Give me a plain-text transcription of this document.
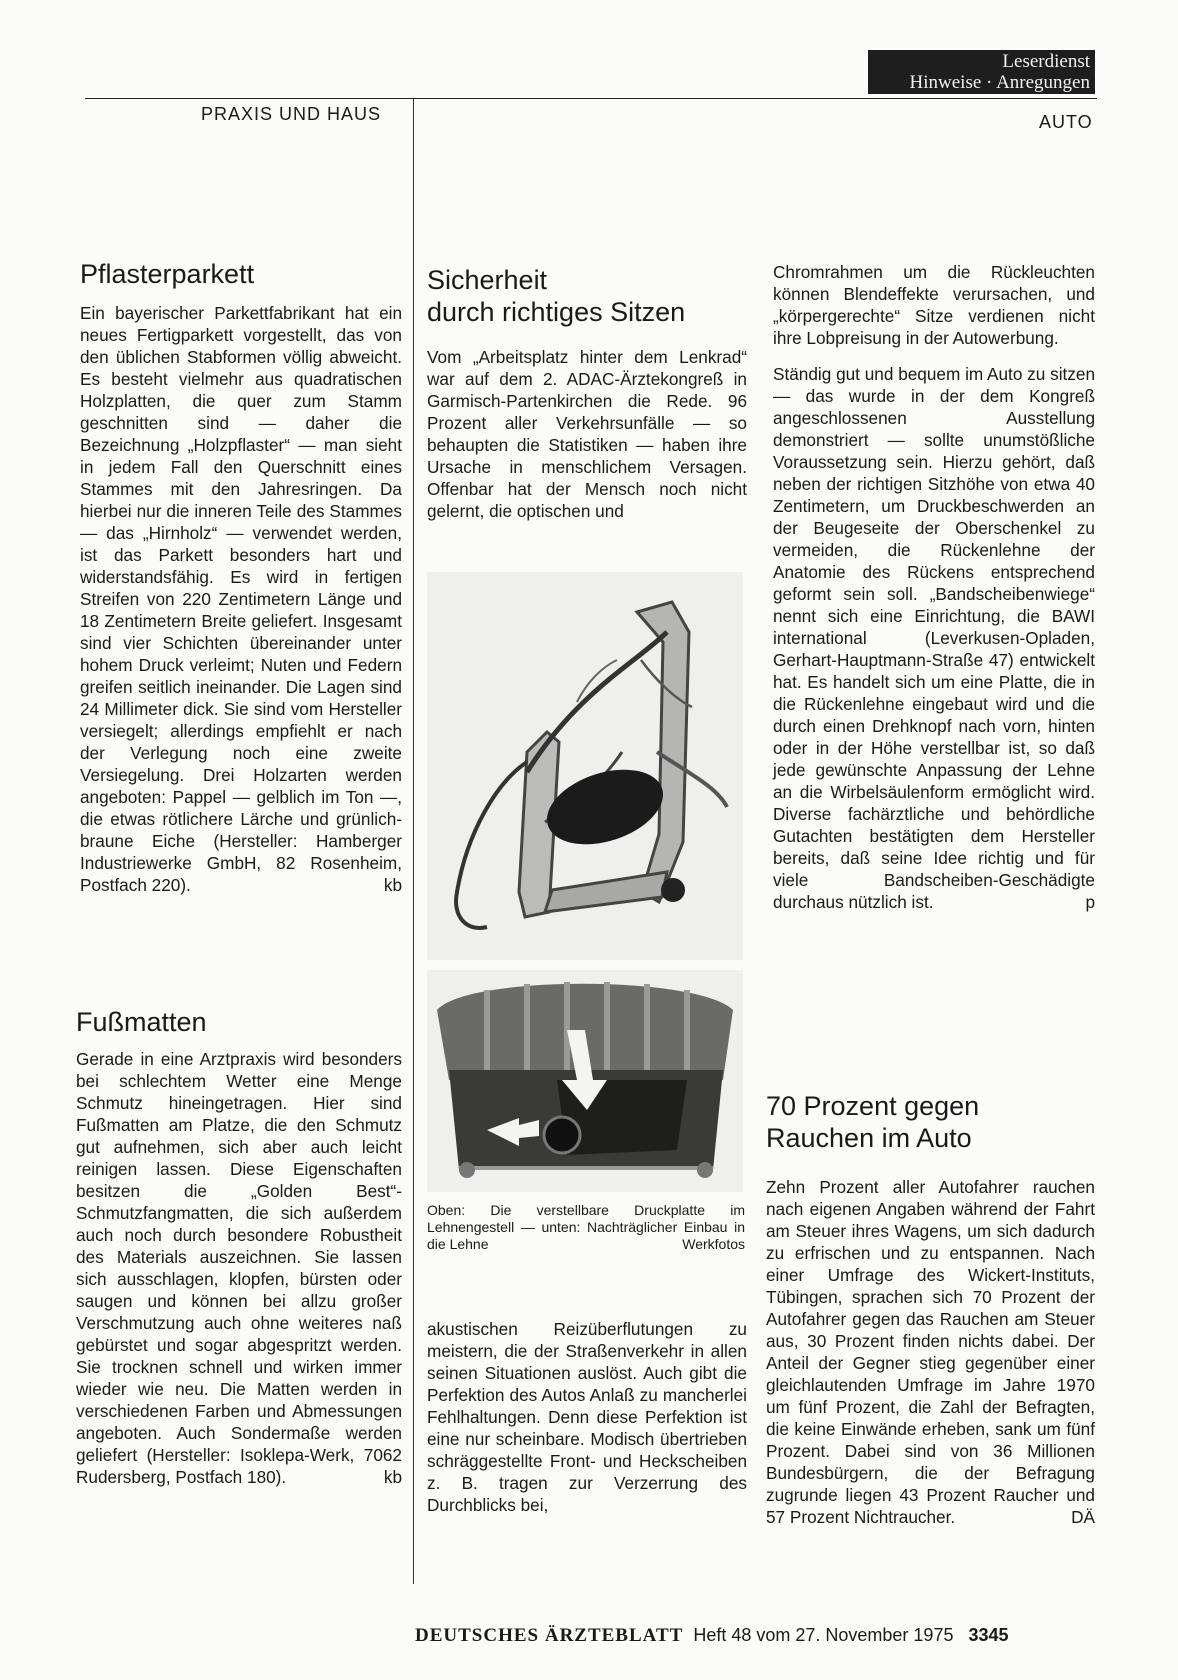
Leserdienst
Hinweise · Anregungen
PRAXIS UND HAUS	AUTO
Pflasterparkett

Ein bayerischer Parkettfabrikant hat ein neues Fertigparkett vorgestellt, das von den üblichen Stabformen völlig abweicht. Es besteht vielmehr aus quadratischen Holzplatten, die quer zum Stamm geschnitten sind — daher die Bezeichnung „Holzpflaster“ — man sieht in jedem Fall den Querschnitt eines Stammes mit den Jahresringen. Da hierbei nur die inneren Teile des Stammes — das „Hirnholz“ — verwendet werden, ist das Parkett besonders hart und widerstandsfähig. Es wird in fertigen Streifen von 220 Zentimetern Länge und 18 Zentimetern Breite geliefert. Insgesamt sind vier Schichten übereinander unter hohem Druck verleimt; Nuten und Federn greifen seitlich ineinander. Die Lagen sind 24 Millimeter dick. Sie sind vom Hersteller versiegelt; allerdings empfiehlt er nach der Verlegung noch eine zweite Versiegelung. Drei Holzarten werden angeboten: Pappel — gelblich im Ton —, die etwas rötlichere Lärche und grünlich-braune Eiche (Hersteller: Hamberger Industriewerke GmbH, 82 Rosenheim, Postfach 220).	kb

Fußmatten

Gerade in eine Arztpraxis wird besonders bei schlechtem Wetter eine Menge Schmutz hineingetragen. Hier sind Fußmatten am Platze, die den Schmutz gut aufnehmen, sich aber auch leicht reinigen lassen. Diese Eigenschaften besitzen die „Golden Best“-Schmutzfangmatten, die sich außerdem auch noch durch besondere Robustheit des Materials auszeichnen. Sie lassen sich ausschlagen, klopfen, bürsten oder saugen und können bei allzu großer Verschmutzung auch ohne weiteres naß gebürstet und sogar abgespritzt werden. Sie trocknen schnell und wirken immer wieder wie neu. Die Matten werden in verschiedenen Farben und Abmessungen angeboten. Auch Sondermaße werden geliefert (Hersteller: Isoklepa-Werk, 7062 Rudersberg, Postfach 180).	kb

Sicherheit
durch richtiges Sitzen

Vom „Arbeitsplatz hinter dem Lenkrad“ war auf dem 2. ADAC-Ärztekongreß in Garmisch-Partenkirchen die Rede. 96 Prozent aller Verkehrsunfälle — so behaupten die Statistiken — haben ihre Ursache in menschlichem Versagen. Offenbar hat der Mensch noch nicht gelernt, die optischen und

Oben: Die verstellbare Druckplatte im Lehnengestell — unten: Nachträglicher Einbau in die Lehne	Werkfotos

akustischen Reizüberflutungen zu meistern, die der Straßenverkehr in allen seinen Situationen auslöst. Auch gibt die Perfektion des Autos Anlaß zu mancherlei Fehlhaltungen. Denn diese Perfektion ist eine nur scheinbare. Modisch übertrieben schräggestellte Front- und Heckscheiben z. B. tragen zur Verzerrung des Durchblicks bei,

Chromrahmen um die Rückleuchten können Blendeffekte verursachen, und „körpergerechte“ Sitze verdienen nicht ihre Lobpreisung in der Autowerbung.

Ständig gut und bequem im Auto zu sitzen — das wurde in der dem Kongreß angeschlossenen Ausstellung demonstriert — sollte unumstößliche Voraussetzung sein. Hierzu gehört, daß neben der richtigen Sitzhöhe von etwa 40 Zentimetern, um Druckbeschwerden an der Beugeseite der Oberschenkel zu vermeiden, die Rückenlehne der Anatomie des Rückens entsprechend geformt sein soll. „Bandscheibenwiege“ nennt sich eine Einrichtung, die BAWI international (Leverkusen-Opladen, Gerhart-Hauptmann-Straße 47) entwickelt hat. Es handelt sich um eine Platte, die in die Rückenlehne eingebaut wird und die durch einen Drehknopf nach vorn, hinten oder in der Höhe verstellbar ist, so daß jede gewünschte Anpassung der Lehne an die Wirbelsäulenform ermöglicht wird. Diverse fachärztliche und behördliche Gutachten bestätigten dem Hersteller bereits, daß seine Idee richtig und für viele Bandscheiben-Geschädigte durchaus nützlich ist.	p

70 Prozent gegen
Rauchen im Auto

Zehn Prozent aller Autofahrer rauchen nach eigenen Angaben während der Fahrt am Steuer ihres Wagens, um sich dadurch zu erfrischen und zu entspannen. Nach einer Umfrage des Wickert-Instituts, Tübingen, sprachen sich 70 Prozent der Autofahrer gegen das Rauchen am Steuer aus, 30 Prozent finden nichts dabei. Der Anteil der Gegner stieg gegenüber einer gleichlautenden Umfrage im Jahre 1970 um fünf Prozent, die Zahl der Befragten, die keine Einwände erheben, sank um fünf Prozent. Dabei sind von 36 Millionen Bundesbürgern, die der Befragung zugrunde liegen 43 Prozent Raucher und 57 Prozent Nichtraucher.	DÄ

DEUTSCHES ÄRZTEBLATT Heft 48 vom 27. November 1975 3345
